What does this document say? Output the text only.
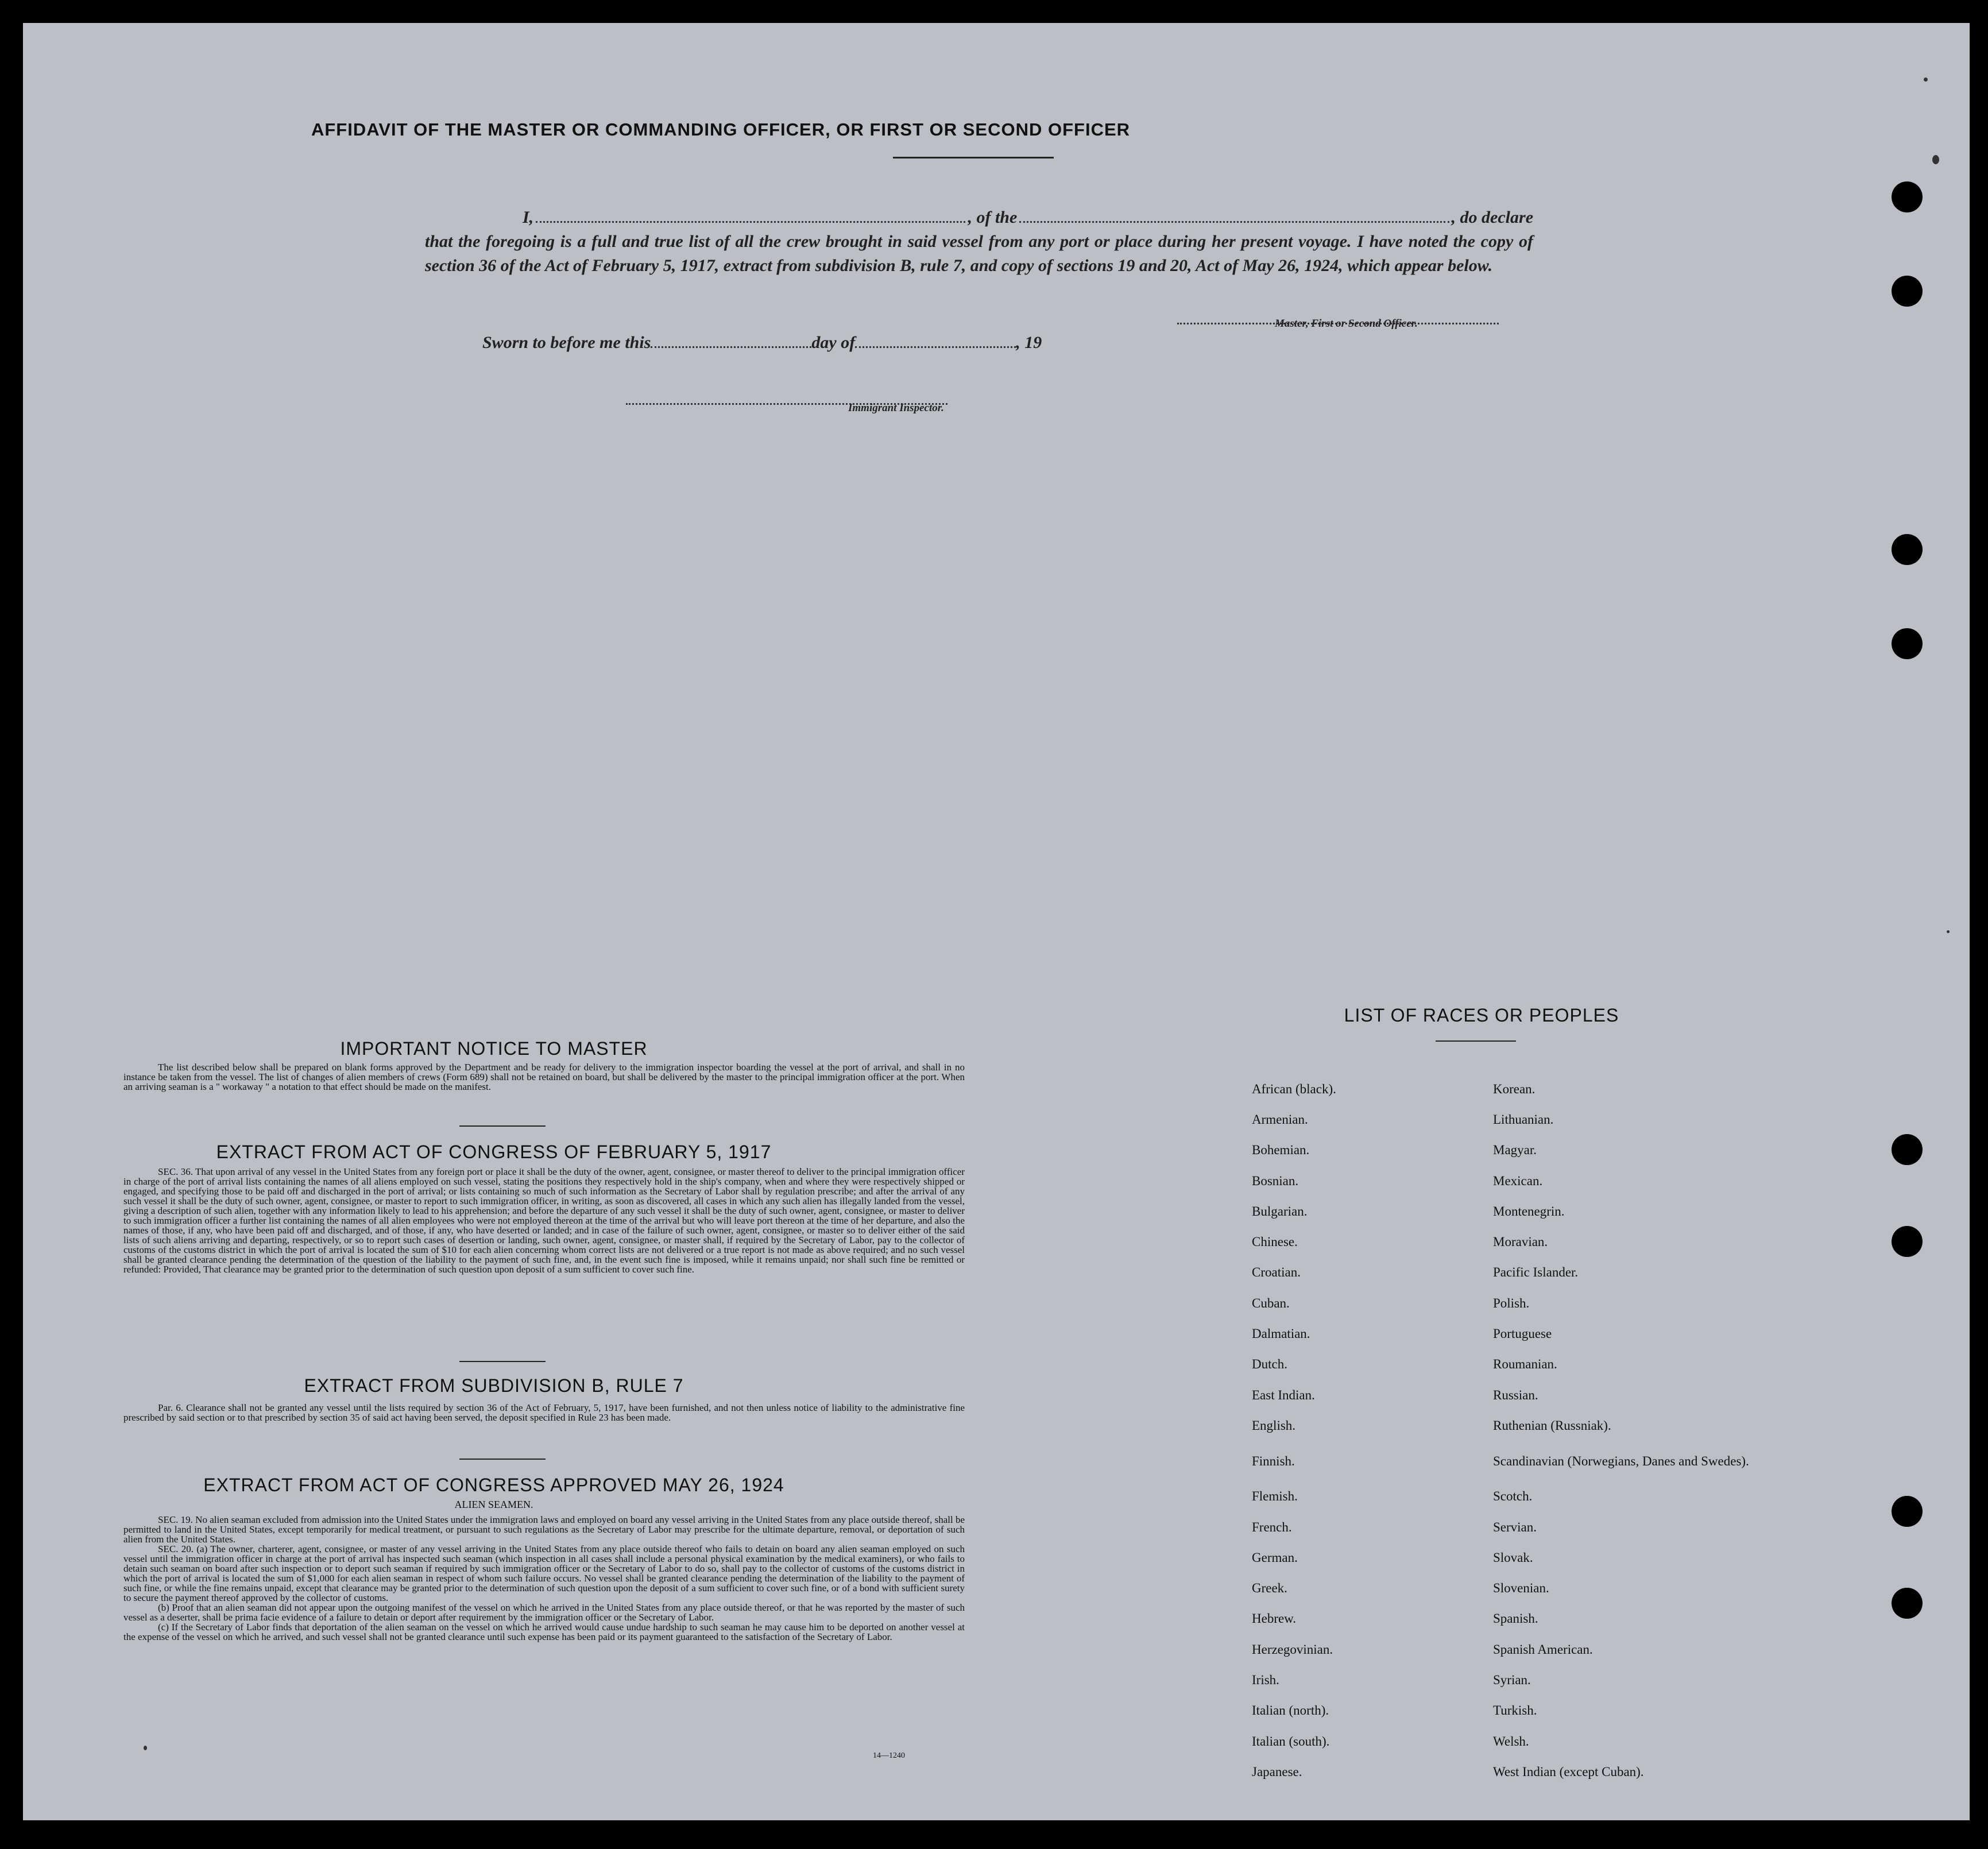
AFFIDAVIT OF THE MASTER OR COMMANDING OFFICER, OR FIRST OR SECOND OFFICER
I,	, of the	, do declare
that the foregoing is a full and true list of all the crew brought in said vessel from any port or place during her present voyage. I have noted the copy of section 36 of the Act of February 5, 1917, extract from subdivision B, rule 7, and copy of sections 19 and 20, Act of May 26, 1924, which appear below.
Master, First or Second Officer.
Sworn to before me this	day of	, 19
Immigrant Inspector.
IMPORTANT NOTICE TO MASTER

The list described below shall be prepared on blank forms approved by the Department and be ready for delivery to the immigration inspector boarding the vessel at the port of arrival, and shall in no instance be taken from the vessel. The list of changes of alien members of crews (Form 689) shall not be retained on board, but shall be delivered by the master to the principal immigration officer at the port. When an arriving seaman is a " workaway " a notation to that effect should be made on the manifest.

EXTRACT FROM ACT OF CONGRESS OF FEBRUARY 5, 1917

SEC. 36. That upon arrival of any vessel in the United States from any foreign port or place it shall be the duty of the owner, agent, consignee, or master thereof to deliver to the principal immigration officer in charge of the port of arrival lists containing the names of all aliens employed on such vessel, stating the positions they respectively hold in the ship's company, when and where they were respectively shipped or engaged, and specifying those to be paid off and discharged in the port of arrival; or lists containing so much of such information as the Secretary of Labor shall by regulation prescribe; and after the arrival of any such vessel it shall be the duty of such owner, agent, consignee, or master to report to such immigration officer, in writing, as soon as discovered, all cases in which any such alien has illegally landed from the vessel, giving a description of such alien, together with any information likely to lead to his apprehension; and before the departure of any such vessel it shall be the duty of such owner, agent, consignee, or master to deliver to such immigration officer a further list containing the names of all alien employees who were not employed thereon at the time of the arrival but who will leave port thereon at the time of her departure, and also the names of those, if any, who have been paid off and discharged, and of those, if any, who have deserted or landed; and in case of the failure of such owner, agent, consignee, or master so to deliver either of the said lists of such aliens arriving and departing, respectively, or so to report such cases of desertion or landing, such owner, agent, consignee, or master shall, if required by the Secretary of Labor, pay to the collector of customs of the customs district in which the port of arrival is located the sum of $10 for each alien concerning whom correct lists are not delivered or a true report is not made as above required; and no such vessel shall be granted clearance pending the determination of the question of the liability to the payment of such fine, and, in the event such fine is imposed, while it remains unpaid; nor shall such fine be remitted or refunded: Provided, That clearance may be granted prior to the determination of such question upon deposit of a sum sufficient to cover such fine.

EXTRACT FROM SUBDIVISION B, RULE 7

Par. 6. Clearance shall not be granted any vessel until the lists required by section 36 of the Act of February, 5, 1917, have been furnished, and not then unless notice of liability to the administrative fine prescribed by said section or to that prescribed by section 35 of said act having been served, the deposit specified in Rule 23 has been made.

EXTRACT FROM ACT OF CONGRESS APPROVED MAY 26, 1924
ALIEN SEAMEN.

SEC. 19. No alien seaman excluded from admission into the United States under the immigration laws and employed on board any vessel arriving in the United States from any place outside thereof, shall be permitted to land in the United States, except temporarily for medical treatment, or pursuant to such regulations as the Secretary of Labor may prescribe for the ultimate departure, removal, or deportation of such alien from the United States.

SEC. 20. (a) The owner, charterer, agent, consignee, or master of any vessel arriving in the United States from any place outside thereof who fails to detain on board any alien seaman employed on such vessel until the immigration officer in charge at the port of arrival has inspected such seaman (which inspection in all cases shall include a personal physical examination by the medical examiners), or who fails to detain such seaman on board after such inspection or to deport such seaman if required by such immigration officer or the Secretary of Labor to do so, shall pay to the collector of customs of the customs district in which the port of arrival is located the sum of $1,000 for each alien seaman in respect of whom such failure occurs. No vessel shall be granted clearance pending the determination of the liability to the payment of such fine, or while the fine remains unpaid, except that clearance may be granted prior to the determination of such question upon the deposit of a sum sufficient to cover such fine, or of a bond with sufficient surety to secure the payment thereof approved by the collector of customs.

(b) Proof that an alien seaman did not appear upon the outgoing manifest of the vessel on which he arrived in the United States from any place outside thereof, or that he was reported by the master of such vessel as a deserter, shall be prima facie evidence of a failure to detain or deport after requirement by the immigration officer or the Secretary of Labor.

(c) If the Secretary of Labor finds that deportation of the alien seaman on the vessel on which he arrived would cause undue hardship to such seaman he may cause him to be deported on another vessel at the expense of the vessel on which he arrived, and such vessel shall not be granted clearance until such expense has been paid or its payment guaranteed to the satisfaction of the Secretary of Labor.

14—1240
LIST OF RACES OR PEOPLES
African (black).	Korean.
Armenian.	Lithuanian.
Bohemian.	Magyar.
Bosnian.	Mexican.
Bulgarian.	Montenegrin.
Chinese.	Moravian.
Croatian.	Pacific Islander.
Cuban.	Polish.
Dalmatian.	Portuguese
Dutch.	Roumanian.
East Indian.	Russian.
English.	Ruthenian (Russniak).
Finnish.	Scandinavian (Norwegians, Danes and Swedes).
Flemish.	Scotch.
French.	Servian.
German.	Slovak.
Greek.	Slovenian.
Hebrew.	Spanish.
Herzegovinian.	Spanish American.
Irish.	Syrian.
Italian (north).	Turkish.
Italian (south).	Welsh.
Japanese.	West Indian (except Cuban).
